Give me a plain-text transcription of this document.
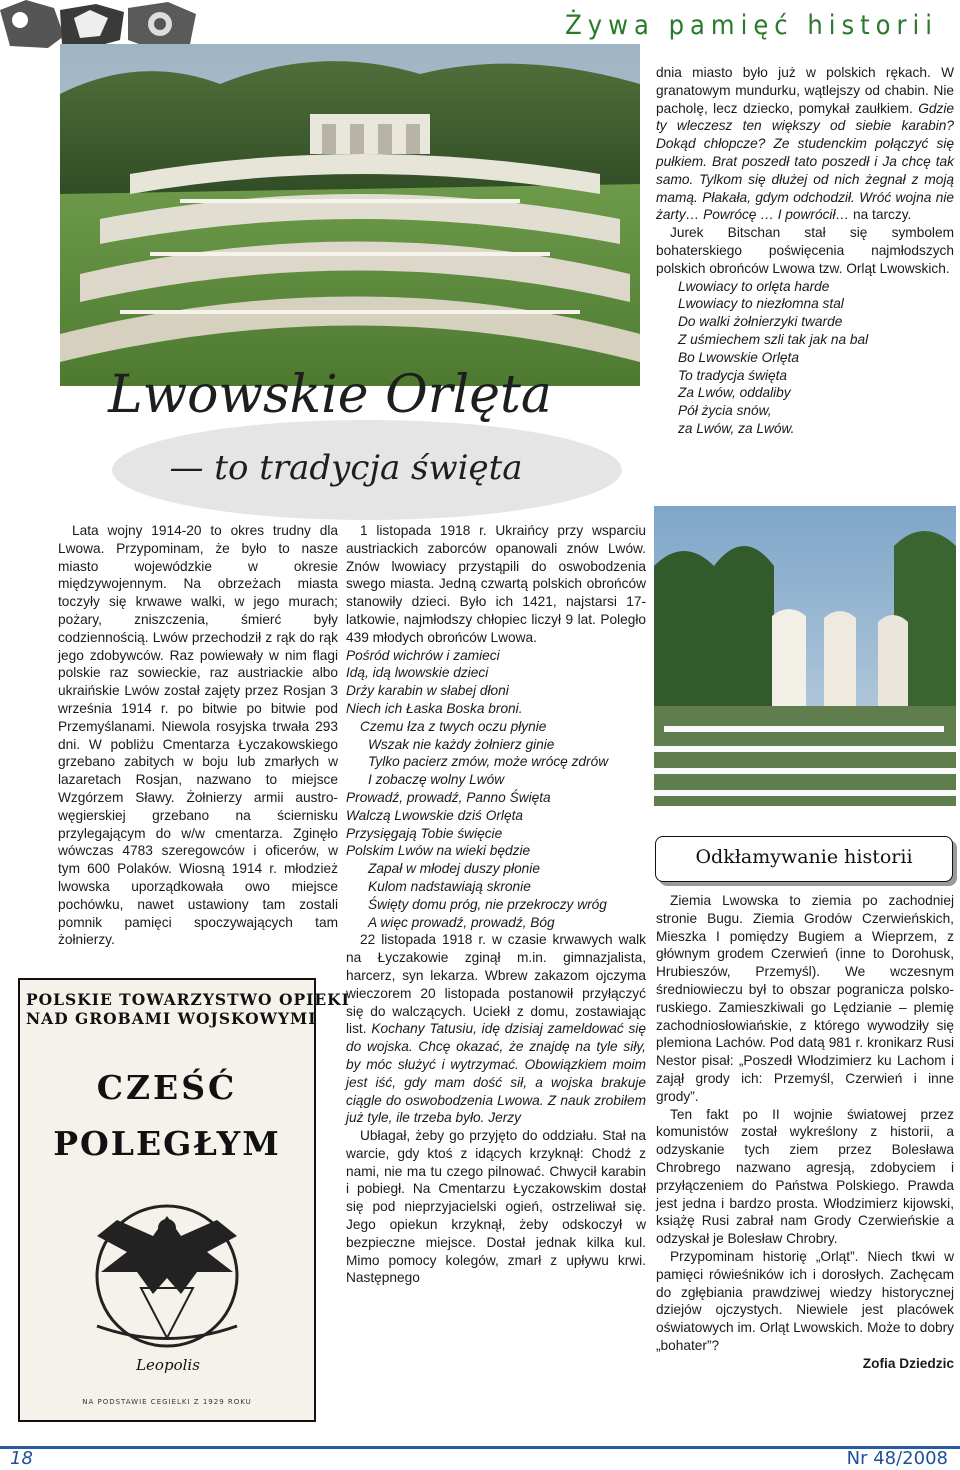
Żywa pamięć historii
Lwowskie Orlęta
— to tradycja święta

dnia miasto było już w polskich rękach. W granatowym mundurku, wątlejszy od chabin. Nie pacholę, lecz dziecko, pomykał zaułkiem. Gdzie ty wleczesz ten większy od siebie karabin? Dokąd chłopcze? Ze studenckim połączyć się pułkiem. Brat poszedł tato poszedł i Ja chcę tak samo. Tylkom się dłużej od nich żegnał z moją mamą. Płakała, gdym odchodził. Wróć wojna nie żarty… Powrócę … I powrócił… na tarczy.

Jurek Bitschan stał się symbolem bohaterskiego poświęcenia najmłodszych polskich obrońców Lwowa tzw. Orląt Lwowskich.

Lwowiacy to orlęta harde
Lwowiacy to niezłomna stal
Do walki żołnierzyki twarde
Z uśmiechem szli tak jak na bal
Bo Lwowskie Orlęta
To tradycja święta
Za Lwów, oddaliby
Pół życia snów,
za Lwów, za Lwów.

Lata wojny 1914-20 to okres trudny dla Lwowa. Przypominam, że było to nasze miasto wojewódzkie w okresie międzywojennym. Na obrzeżach miasta toczyły się krwawe walki, w jego murach; pożary, zniszczenia, śmierć były codziennością. Lwów przechodził z rąk do rąk jego zdobywców. Raz powiewały w nim flagi polskie raz sowieckie, raz austriackie albo ukraińskie Lwów został zajęty przez Rosjan 3 września 1914 r. po bitwie po bitwie pod Przemyślanami. Niewola rosyjska trwała 293 dni. W pobliżu Cmentarza Łyczakowskiego grzebano zabitych w boju lub zmarłych w lazaretach Rosjan, nazwano to miejsce Wzgórzem Sławy. Żołnierzy armii austro-węgierskiej grzebano na ściernisku przylegającym do w/w cmentarza. Zginęło wówczas 4783 szeregowców i oficerów, w tym 600 Polaków. Wiosną 1914 r. młodzież lwowska uporządkowała owo miejsce pochówku, nawet ustawiony tam zostali pomnik pamięci spoczywających tam żołnierzy.

POLSKIE TOWARZYSTWO OPIEKI
NAD GROBAMI WOJSKOWYMI
CZEŚĆ
POLEGŁYM
Leopolis
NA PODSTAWIE CEGIELKI Z 1929 ROKU

1 listopada 1918 r. Ukraińcy przy wsparciu austriackich zaborców opanowali znów Lwów. Znów lwowiacy przystąpili do oswobodzenia swego miasta. Jedną czwartą polskich obrońców stanowiły dzieci. Było ich 1421, najstarsi 17-latkowie, najmłodszy chłopiec liczył 9 lat. Poległo 439 młodych obrońców Lwowa.

Pośród wichrów i zamieci
Idą, idą lwowskie dzieci
Drży karabin w słabej dłoni
Niech ich Łaska Boska broni.

Czemu łza z twych oczu płynie

Wszak nie każdy żołnierz ginie
Tylko pacierz zmów, może wrócę zdrów
I zobaczę wolny Lwów
Prowadź, prowadź, Panno Święta
Walczą Lwowskie dziś Orlęta
Przysięgają Tobie święcie
Polskim Lwów na wieki będzie
Zapał w młodej duszy płonie
Kulom nadstawiają skronie
Święty domu próg, nie przekroczy wróg
A więc prowadź, prowadź, Bóg

22 listopada 1918 r. w czasie krwawych walk na Łyczakowie zginął m.in. gimnazjalista, harcerz, syn lekarza. Wbrew zakazom ojczyma wieczorem 20 listopada postanowił przyłączyć się do walczących. Uciekł z domu, zostawiając list. Kochany Tatusiu, idę dzisiaj zameldować się do wojska. Chcę okazać, że znajdę na tyle siły, by móc służyć i wytrzymać. Obowiązkiem moim jest iść, gdy mam dość sił, a wojska brakuje ciągle do oswobodzenia Lwowa. Z nauk zrobiłem już tyle, ile trzeba było. Jerzy

Ubłagał, żeby go przyjęto do oddziału. Stał na warcie, gdy ktoś z idących krzyknął: Chodź z nami, nie ma tu czego pilnować. Chwycił karabin i pobiegł. Na Cmentarzu Łyczakowskim dostał się pod nieprzyjacielski ogień, ostrzeliwał się. Jego opiekun krzyknął, żeby odskoczył w bezpieczne miejsce. Dostał jednak kilka kul. Mimo pomocy kolegów, zmarł z upływu krwi. Następnego

Odkłamywanie historii

Ziemia Lwowska to ziemia po zachodniej stronie Bugu. Ziemia Grodów Czerwieńskich, Mieszka I pomiędzy Bugiem a Wieprzem, z głównym grodem Czerwień (inne to Dorohusk, Hrubieszów, Przemyśl). We wczesnym średniowieczu był to obszar pogranicza polsko-ruskiego. Zamieszkiwali go Lędzianie – plemię zachodniosłowiańskie, z którego wywodziły się plemiona Lachów. Pod datą 981 r. kronikarz Rusi Nestor pisał: „Poszedł Włodzimierz ku Lachom i zajął grody ich: Przemyśl, Czerwień i inne grody”.

Ten fakt po II wojnie światowej przez komunistów został wykreślony z historii, a odzyskanie tych ziem przez Bolesława Chrobrego nazwano agresją, zdobyciem i przyłączeniem do Państwa Polskiego. Prawda jest jedna i bardzo prosta. Włodzimierz kijowski, książę Rusi zabrał nam Grody Czerwieńskie a odzyskał je Bolesław Chrobry.

Przypominam historię „Orląt”. Niech tkwi w pamięci rówieśników ich i dorosłych. Zachęcam do zgłębiania prawdziwej wiedzy historycznej dziejów ojczystych. Niewiele jest placówek oświatowych im. Orląt Lwowskich. Może to dobry „bohater”?

Zofia Dziedzic

18	Nr 48/2008
